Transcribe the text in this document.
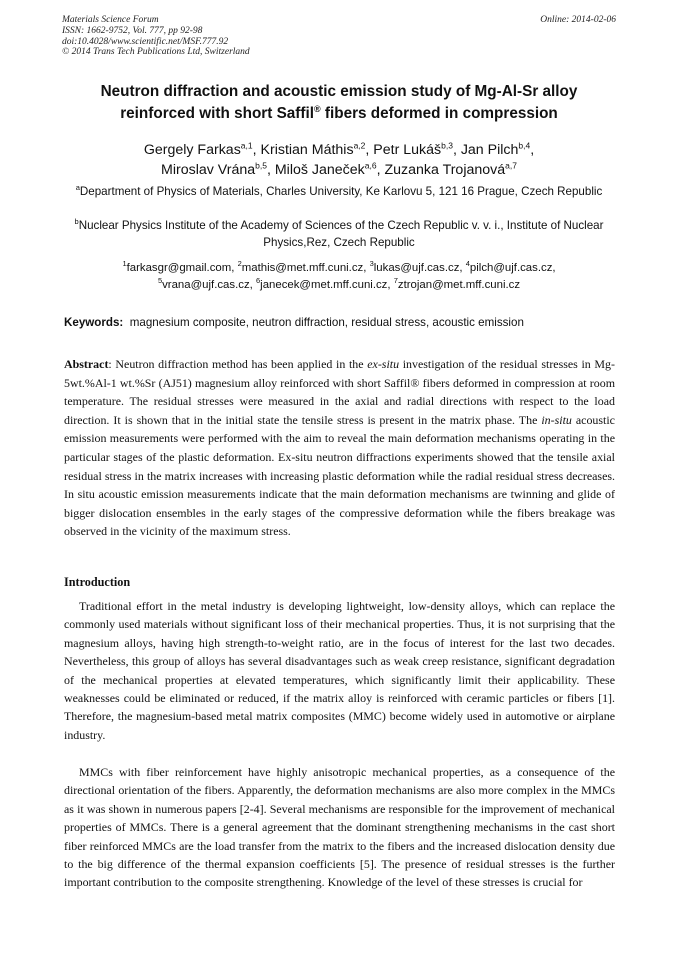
Materials Science Forum
ISSN: 1662-9752, Vol. 777, pp 92-98
doi:10.4028/www.scientific.net/MSF.777.92
© 2014 Trans Tech Publications Ltd, Switzerland
Online: 2014-02-06
Neutron diffraction and acoustic emission study of Mg-Al-Sr alloy reinforced with short Saffil® fibers deformed in compression
Gergely Farkas$^{a,1}$, Kristian Máthis$^{a,2}$, Petr Lukáš$^{b,3}$, Jan Pilch$^{b,4}$,
Miroslav Vrána$^{b,5}$, Miloš Janeček$^{a,6}$, Zuzanka Trojanová$^{a,7}$
$^a$Department of Physics of Materials, Charles University, Ke Karlovu 5, 121 16 Prague, Czech Republic
$^b$Nuclear Physics Institute of the Academy of Sciences of the Czech Republic v. v. i., Institute of Nuclear Physics,Rez, Czech Republic
$^1$farkasgr@gmail.com, $^2$mathis@met.mff.cuni.cz, $^3$lukas@ujf.cas.cz, $^4$pilch@ujf.cas.cz,
$^5$vrana@ujf.cas.cz, $^6$janecek@met.mff.cuni.cz, $^7$ztrojan@met.mff.cuni.cz
Keywords: magnesium composite, neutron diffraction, residual stress, acoustic emission
Abstract: Neutron diffraction method has been applied in the ex-situ investigation of the residual stresses in Mg-5wt.%Al-1 wt.%Sr (AJ51) magnesium alloy reinforced with short Saffil® fibers deformed in compression at room temperature. The residual stresses were measured in the axial and radial directions with respect to the load direction. It is shown that in the initial state the tensile stress is present in the matrix phase. The in-situ acoustic emission measurements were performed with the aim to reveal the main deformation mechanisms operating in the particular stages of the plastic deformation. Ex-situ neutron diffractions experiments showed that the tensile axial residual stress in the matrix increases with increasing plastic deformation while the radial residual stress decreases. In situ acoustic emission measurements indicate that the main deformation mechanisms are twinning and glide of bigger dislocation ensembles in the early stages of the compressive deformation while the fibers breakage was observed in the vicinity of the maximum stress.
Introduction

Traditional effort in the metal industry is developing lightweight, low-density alloys, which can replace the commonly used materials without significant loss of their mechanical properties. Thus, it is not surprising that the magnesium alloys, having high strength-to-weight ratio, are in the focus of interest for the last two decades. Nevertheless, this group of alloys has several disadvantages such as weak creep resistance, significant degradation of the mechanical properties at elevated temperatures, which significantly limit their applicability. These weaknesses could be eliminated or reduced, if the matrix alloy is reinforced with ceramic particles or fibers [1]. Therefore, the magnesium-based metal matrix composites (MMC) become widely used in automotive or airplane industry.

MMCs with fiber reinforcement have highly anisotropic mechanical properties, as a consequence of the directional orientation of the fibers. Apparently, the deformation mechanisms are also more complex in the MMCs as it was shown in numerous papers [2-4]. Several mechanisms are responsible for the improvement of mechanical properties of MMCs. There is a general agreement that the dominant strengthening mechanisms in the cast short fiber reinforced MMCs are the load transfer from the matrix to the fibers and the increased dislocation density due to the big difference of the thermal expansion coefficients [5]. The presence of residual stresses is the further important contribution to the composite strengthening. Knowledge of the level of these stresses is crucial for
